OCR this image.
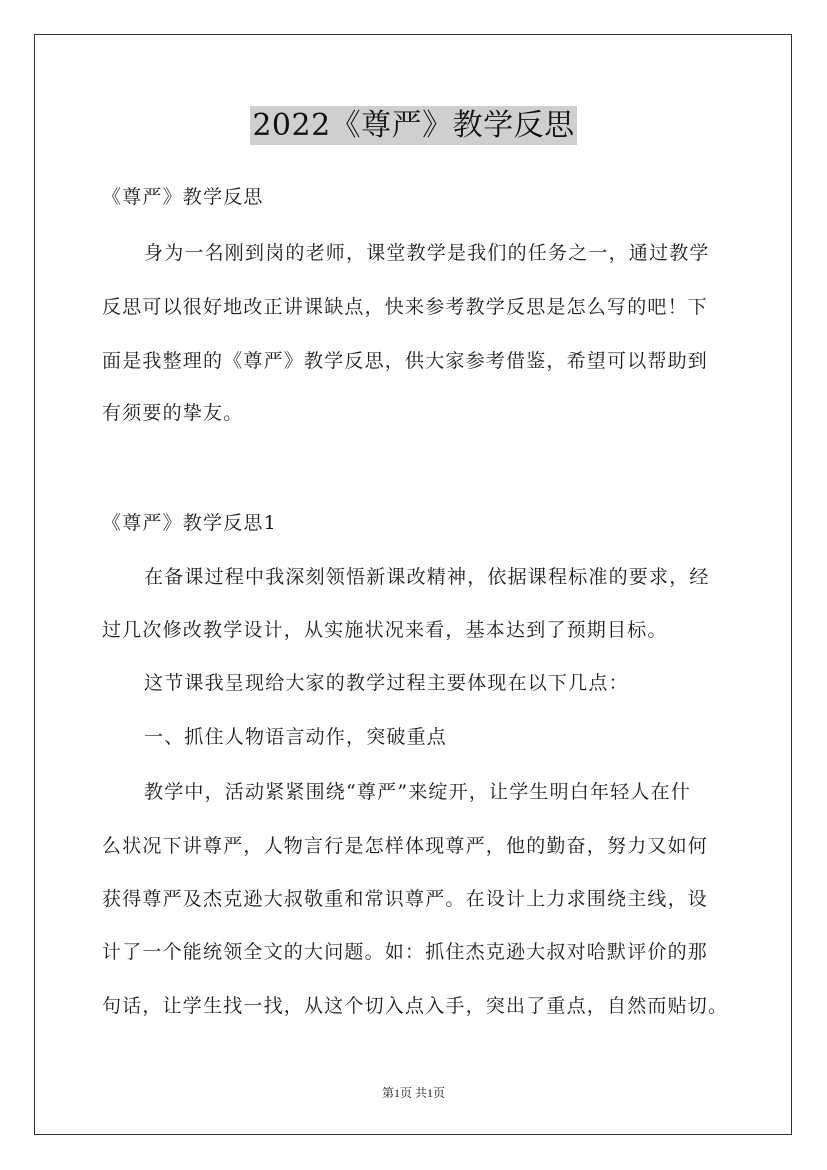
2022《尊严》教学反思
《尊严》教学反思
身为一名刚到岗的老师，课堂教学是我们的任务之一，通过教学
反思可以很好地改正讲课缺点，快来参考教学反思是怎么写的吧！下
面是我整理的《尊严》教学反思，供大家参考借鉴，希望可以帮助到
有须要的挚友。
《尊严》教学反思1
在备课过程中我深刻领悟新课改精神，依据课程标准的要求，经
过几次修改教学设计，从实施状况来看，基本达到了预期目标。
这节课我呈现给大家的教学过程主要体现在以下几点：
一、抓住人物语言动作，突破重点
教学中，活动紧紧围绕“尊严”来绽开，让学生明白年轻人在什
么状况下讲尊严，人物言行是怎样体现尊严，他的勤奋，努力又如何
获得尊严及杰克逊大叔敬重和常识尊严。在设计上力求围绕主线，设
计了一个能统领全文的大问题。如：抓住杰克逊大叔对哈默评价的那
句话，让学生找一找，从这个切入点入手，突出了重点，自然而贴切。
第1页 共1页
